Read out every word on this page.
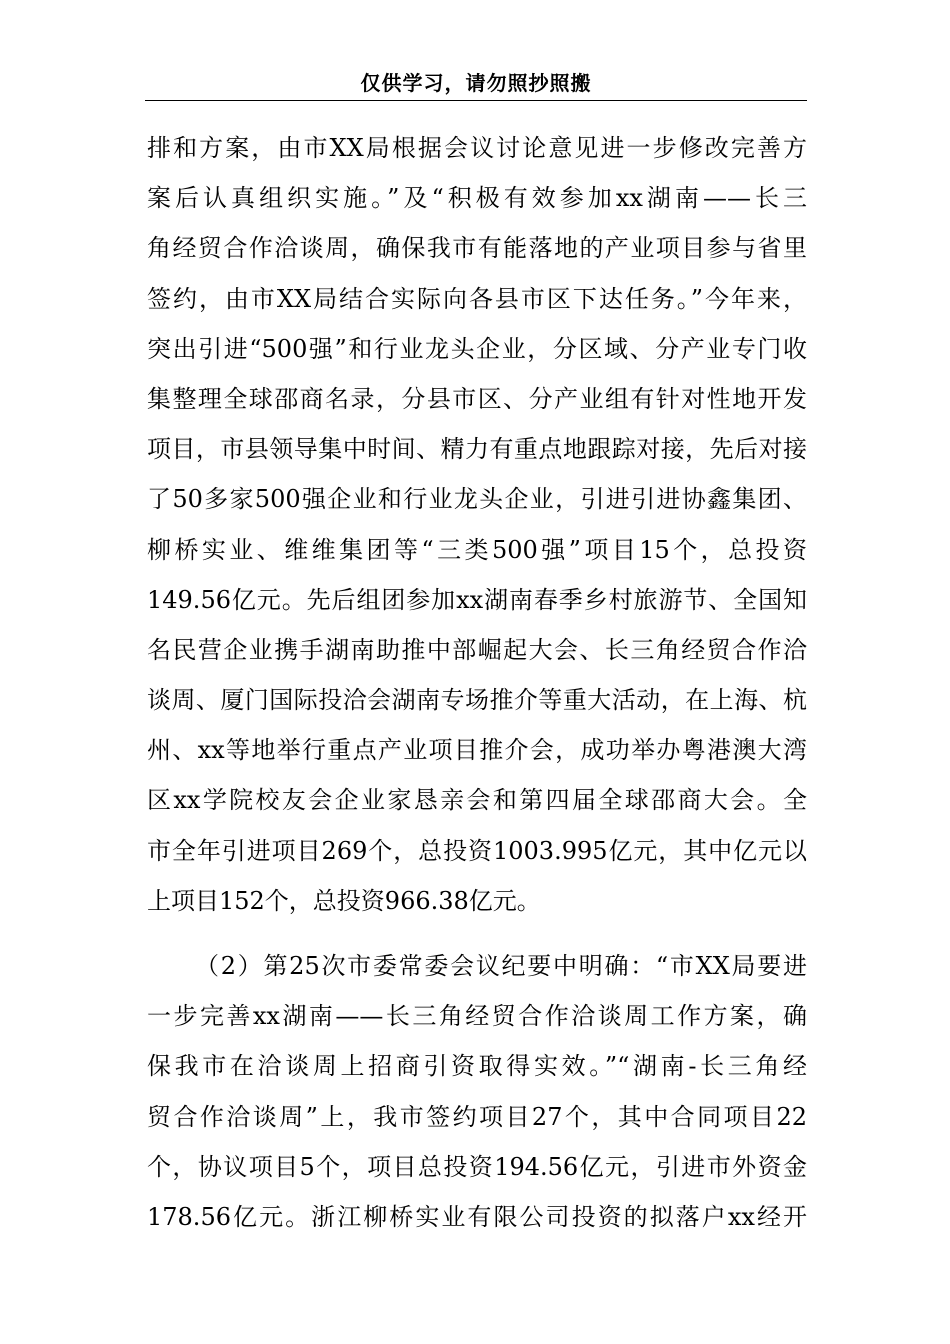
仅供学习，请勿照抄照搬
排和方案，由市XX局根据会议讨论意见进一步修改完善方
案后认真组织实施。”及“积极有效参加xx湖南——长三
角经贸合作洽谈周，确保我市有能落地的产业项目参与省里
签约，由市XX局结合实际向各县市区下达任务。”今年来，
突出引进“500强”和行业龙头企业，分区域、分产业专门收
集整理全球邵商名录，分县市区、分产业组有针对性地开发
项目，市县领导集中时间、精力有重点地跟踪对接，先后对接
了50多家500强企业和行业龙头企业，引进引进协鑫集团、
柳桥实业、维维集团等“三类500强”项目15个，总投资
149.56亿元。先后组团参加xx湖南春季乡村旅游节、全国知
名民营企业携手湖南助推中部崛起大会、长三角经贸合作洽
谈周、厦门国际投洽会湖南专场推介等重大活动，在上海、杭
州、xx等地举行重点产业项目推介会，成功举办粤港澳大湾
区xx学院校友会企业家恳亲会和第四届全球邵商大会。全
市全年引进项目269个，总投资1003.995亿元，其中亿元以
上项目152个，总投资966.38亿元。
（2）第25次市委常委会议纪要中明确：“市XX局要进
一步完善xx湖南——长三角经贸合作洽谈周工作方案，确
保我市在洽谈周上招商引资取得实效。”“湖南-长三角经
贸合作洽谈周”上，我市签约项目27个，其中合同项目22
个，协议项目5个，项目总投资194.56亿元，引进市外资金
178.56亿元。浙江柳桥实业有限公司投资的拟落户xx经开
